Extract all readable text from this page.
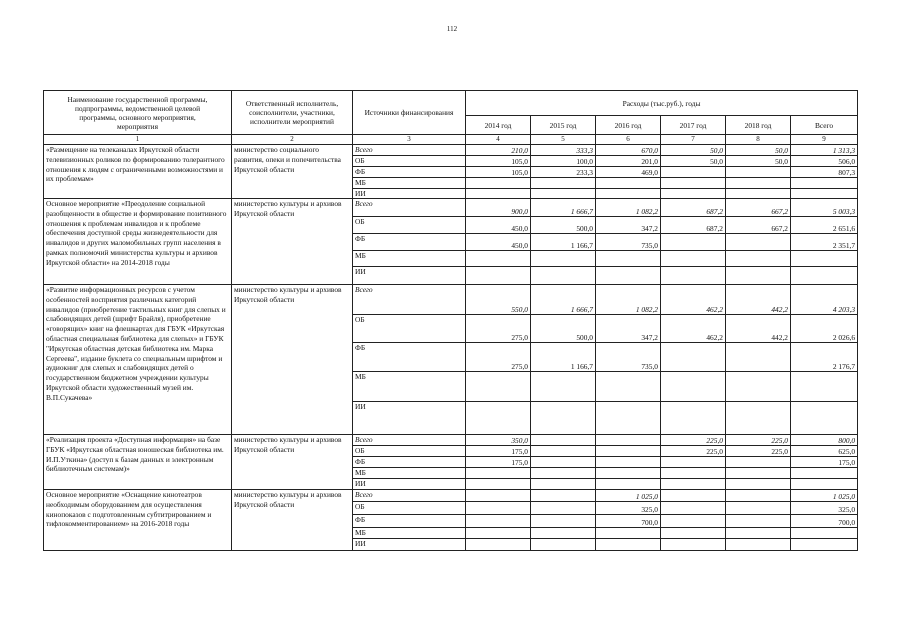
112
Наименование государственной программы, подпрограммы, ведомственной целевой программы, основного мероприятия, мероприятия	Ответственный исполнитель, соисполнители, участники, исполнители мероприятий	Источники финансирования	Расходы (тыс.руб.), годы					
			2014 год	2015 год	2016 год	2017 год	2018 год	Всего
1	2	3	4	5	6	7	8	9

«Размещение на телеканалах Иркутской области телевизионных роликов по формированию толерантного отношения к людям с ограниченными возможностями и их проблемам»	министерство социального развития, опеки и попечительства Иркутской области	Всего	210,0	333,3	670,0	50,0	50,0	1 313,3
		ОБ	105,0	100,0	201,0	50,0	50,0	506,0
		ФБ	105,0	233,3	469,0			807,3
		МБ						
		ИИ						

Основное мероприятие «Преодоление социальной разобщенности в обществе и формирование позитивного отношения к проблемам инвалидов и к проблеме обеспечения доступной среды жизнедеятельности для инвалидов и других маломобильных групп населения в рамках полномочий министерства культуры и архивов Иркутской области» на 2014-2018 годы	министерство культуры и архивов Иркутской области	Всего	900,0	1 666,7	1 082,2	687,2	667,2	5 003,3
		ОБ	450,0	500,0	347,2	687,2	667,2	2 651,6
		ФБ	450,0	1 166,7	735,0			2 351,7
		МБ						
		ИИ						

«Развитие информационных ресурсов с учетом особенностей восприятия различных категорий инвалидов (приобретение тактильных книг для слепых и слабовидящих детей (шрифт Брайля), приобретение «говорящих» книг на флешкартах для ГБУК «Иркутская областная специальная библиотека для слепых» и ГБУК "Иркутская областная детская библиотека им. Марка Сергеева", издание буклета со специальным шрифтом и аудиокниг для слепых и слабовидящих детей о государственном бюджетном учреждении культуры Иркутской области художественный музей им. В.П.Сукачева»	министерство культуры и архивов Иркутской области	Всего	550,0	1 666,7	1 082,2	462,2	442,2	4 203,3
		ОБ	275,0	500,0	347,2	462,2	442,2	2 026,6
		ФБ	275,0	1 166,7	735,0			2 176,7
		МБ						
		ИИ						

«Реализация проекта «Доступная информация» на базе ГБУК «Иркутская областная юношеская библиотека им. И.П.Уткина» (доступ к базам данных и электронным библиотечным системам)»	министерство культуры и архивов Иркутской области	Всего	350,0			225,0	225,0	800,0
		ОБ	175,0			225,0	225,0	625,0
		ФБ	175,0					175,0
		МБ						
		ИИ						

Основное мероприятие «Оснащение кинотеатров необходимым оборудованием для осуществления кинопоказов с подготовленным субтитрированием и тифлокомментированием» на 2016-2018 годы	министерство культуры и архивов Иркутской области	Всего			1 025,0			1 025,0
		ОБ			325,0			325,0
		ФБ			700,0			700,0
		МБ						
		ИИ						
